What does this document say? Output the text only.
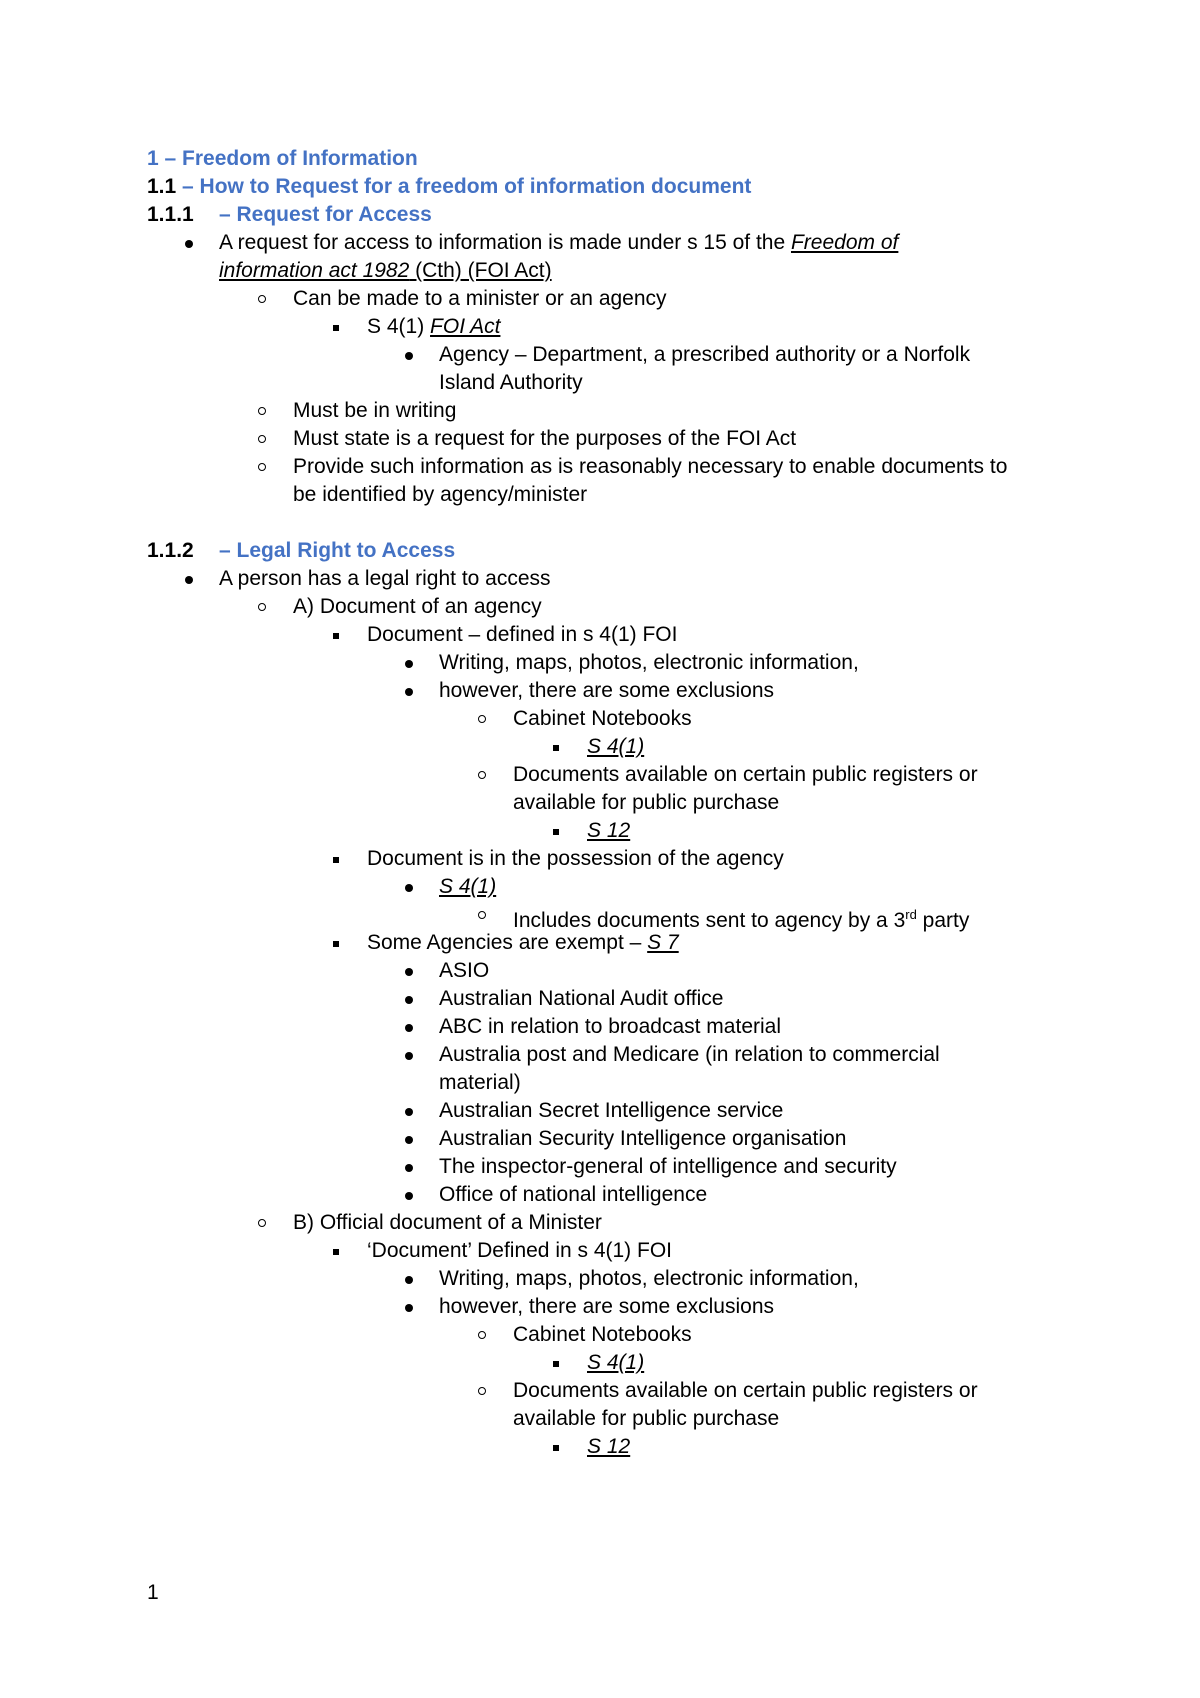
1 – Freedom of Information
1.1 – How to Request for a freedom of information document
1.1.1 – Request for Access
A request for access to information is made under s 15 of the Freedom of
information act 1982 (Cth) (FOI Act)
Can be made to a minister or an agency
S 4(1) FOI Act
Agency – Department, a prescribed authority or a Norfolk
Island Authority
Must be in writing
Must state is a request for the purposes of the FOI Act
Provide such information as is reasonably necessary to enable documents to
be identified by agency/minister
1.1.2 – Legal Right to Access
A person has a legal right to access
A) Document of an agency
Document – defined in s 4(1) FOI
Writing, maps, photos, electronic information,
however, there are some exclusions
Cabinet Notebooks
S 4(1)
Documents available on certain public registers or
available for public purchase
S 12
Document is in the possession of the agency
S 4(1)
Includes documents sent to agency by a 3rd party
Some Agencies are exempt – S 7
ASIO
Australian National Audit office
ABC in relation to broadcast material
Australia post and Medicare (in relation to commercial
material)
Australian Secret Intelligence service
Australian Security Intelligence organisation
The inspector-general of intelligence and security
Office of national intelligence
B) Official document of a Minister
‘Document’ Defined in s 4(1) FOI
Writing, maps, photos, electronic information,
however, there are some exclusions
Cabinet Notebooks
S 4(1)
Documents available on certain public registers or
available for public purchase
S 12
1
